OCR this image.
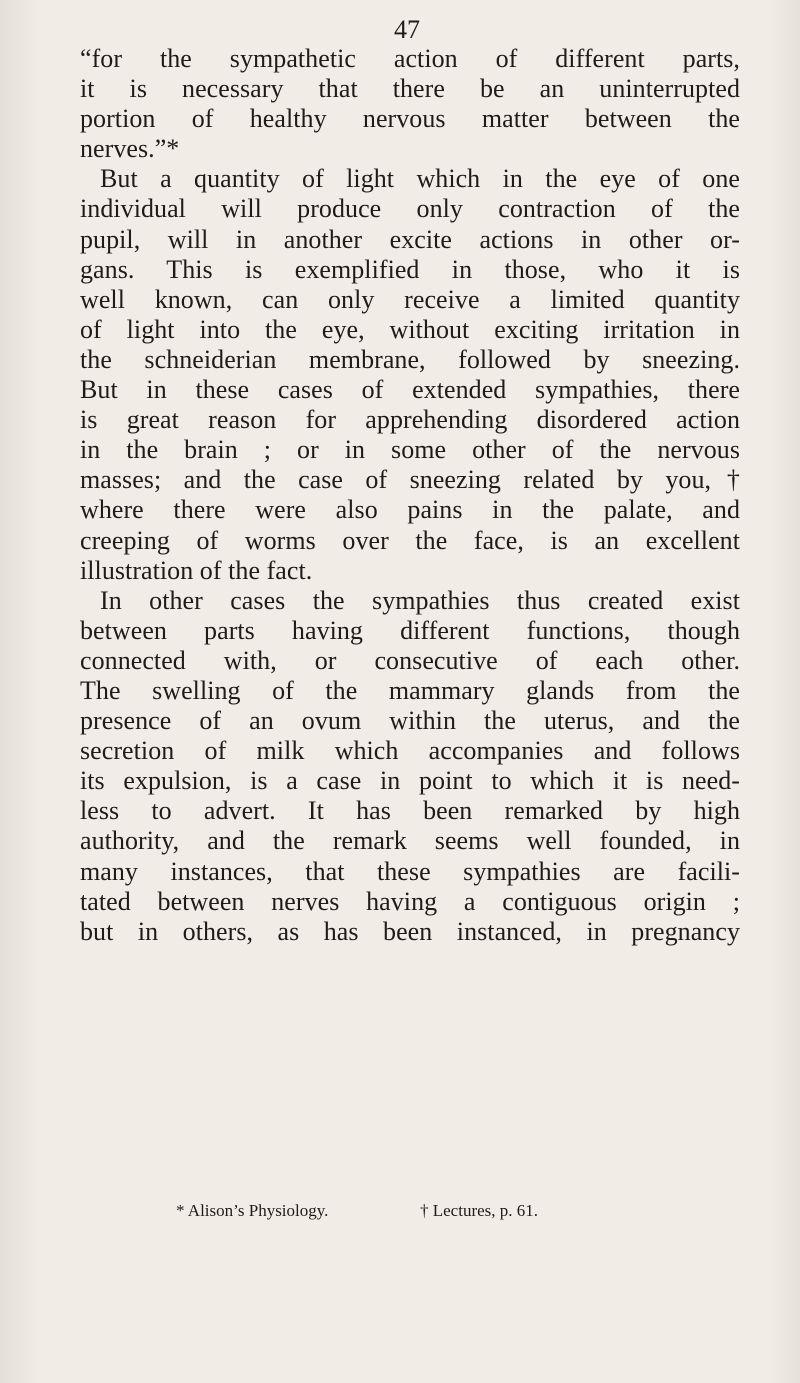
47
“for the sympathetic action of different parts,
it is necessary that there be an uninterrupted
portion of healthy nervous matter between the
nerves.”*
But a quantity of light which in the eye of one
individual will produce only contraction of the
pupil, will in another excite actions in other or-
gans. This is exemplified in those, who it is
well known, can only receive a limited quantity
of light into the eye, without exciting irritation in
the schneiderian membrane, followed by sneezing.
But in these cases of extended sympathies, there
is great reason for apprehending disordered action
in the brain ; or in some other of the nervous
masses; and the case of sneezing related by you,†
where there were also pains in the palate, and
creeping of worms over the face, is an excellent
illustration of the fact.
In other cases the sympathies thus created exist
between parts having different functions, though
connected with, or consecutive of each other.
The swelling of the mammary glands from the
presence of an ovum within the uterus, and the
secretion of milk which accompanies and follows
its expulsion, is a case in point to which it is need-
less to advert. It has been remarked by high
authority, and the remark seems well founded, in
many instances, that these sympathies are facili-
tated between nerves having a contiguous origin ;
but in others, as has been instanced, in pregnancy
* Alison’s Physiology.	† Lectures, p. 61.
